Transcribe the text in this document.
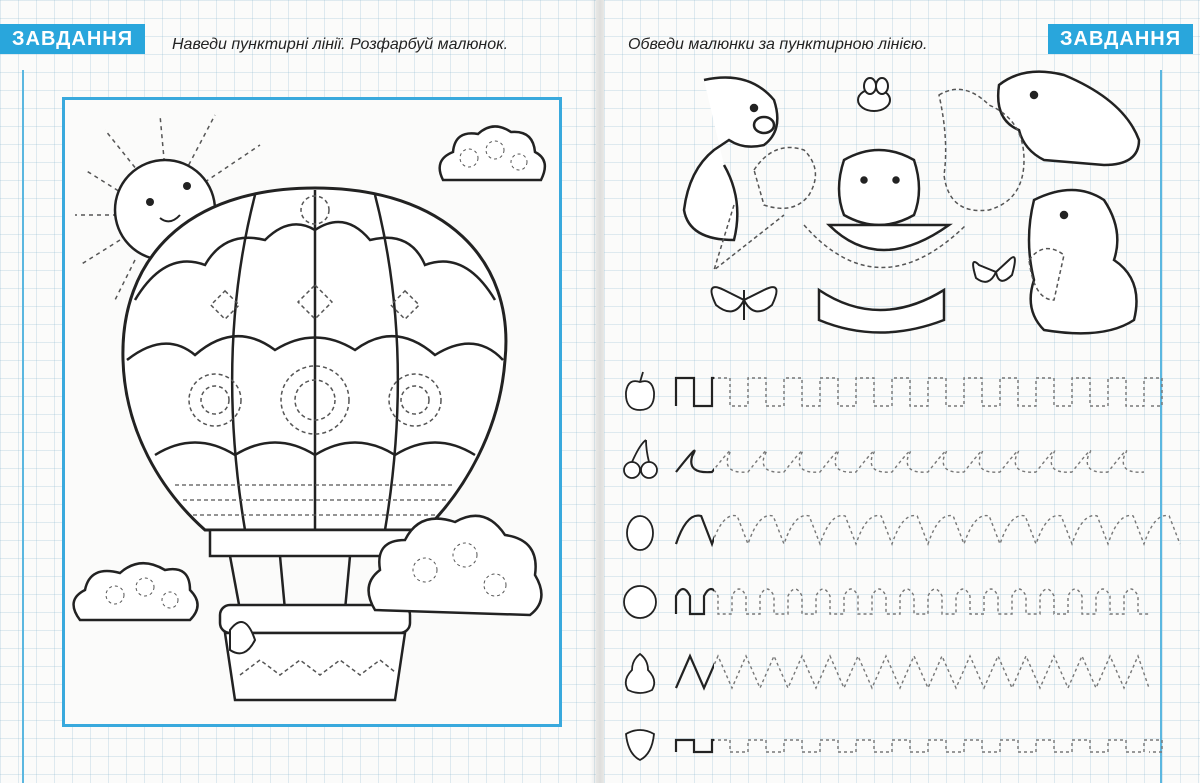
ЗАВДАННЯ	Наведи пунктирні лінії. Розфарбуй малюнок.	Обведи малюнки за пунктирною лінією.	ЗАВДАННЯ
